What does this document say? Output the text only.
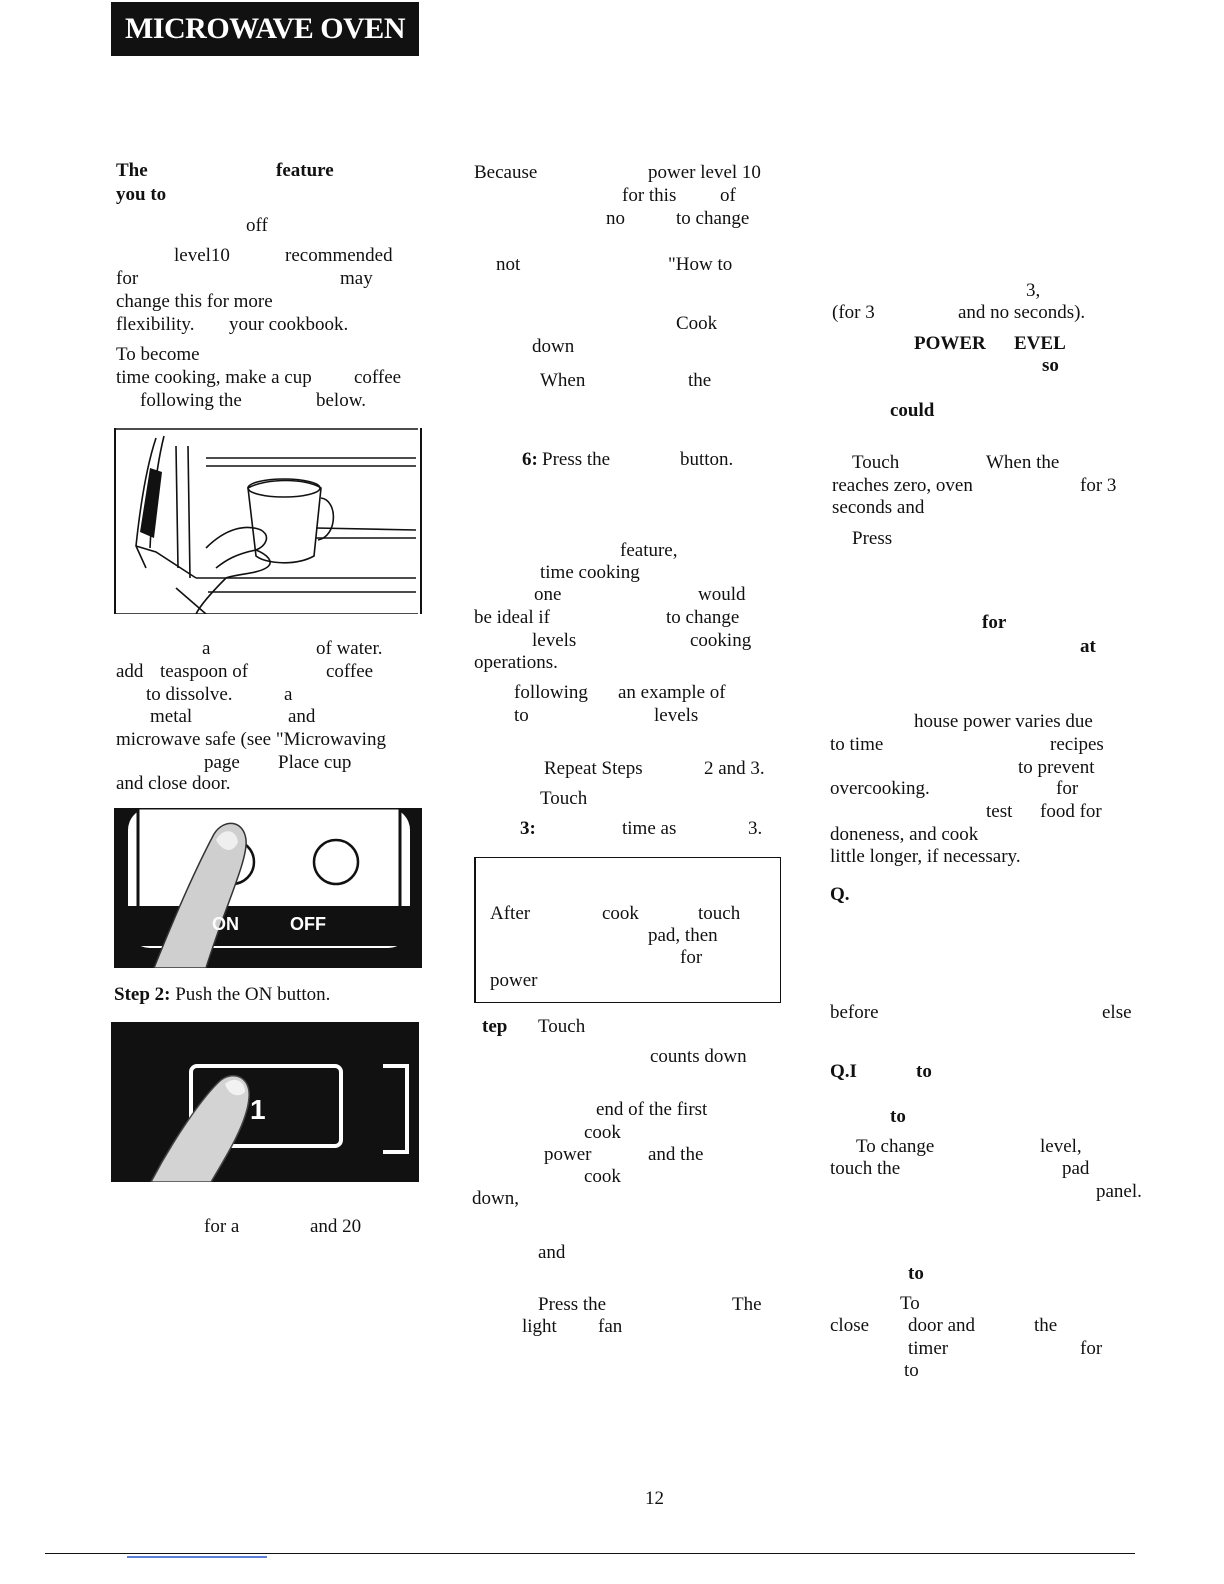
MICROWAVE OVEN
The	feature
you to
off
level10	recommended
for	may
change this for more
flexibility. your cookbook.
To become
time cooking, make a cup coffee
following the	below.
a	of water.
add teaspoon of	coffee
to dissolve.	a
metal	and
microwave safe (see "Microwaving
page Place cup
and close door.
ON	OFF
Step 2: Push the ON button.
1
for a	and 20
Because	power level 10
for this of
no	to change
not	"How to
Cook
down
When	the
6: Press the	button.
feature,
time cooking
one	would
be ideal if	to change
levels	cooking
operations.
following an example of
to	levels
Repeat Steps	2 and 3.
Touch
3:	time as	3.
After	cook	touch
pad, then
for
power
tep Touch
counts down
end of the first
cook
power	and the
cook
down,
and
Press the	The
light fan
3,
(for 3	and no seconds).
POWER EVEL
so
could
Touch	When the
reaches zero, oven	for 3
seconds and
Press
for
at
house power varies due
to time	recipes
to prevent
overcooking.	for
test food for
doneness, and cook
little longer, if necessary.
Q.
before	else
Q.I	to
to
To change	level,
touch the	pad
panel.
to
To
close door and	the
timer	for
to
12
